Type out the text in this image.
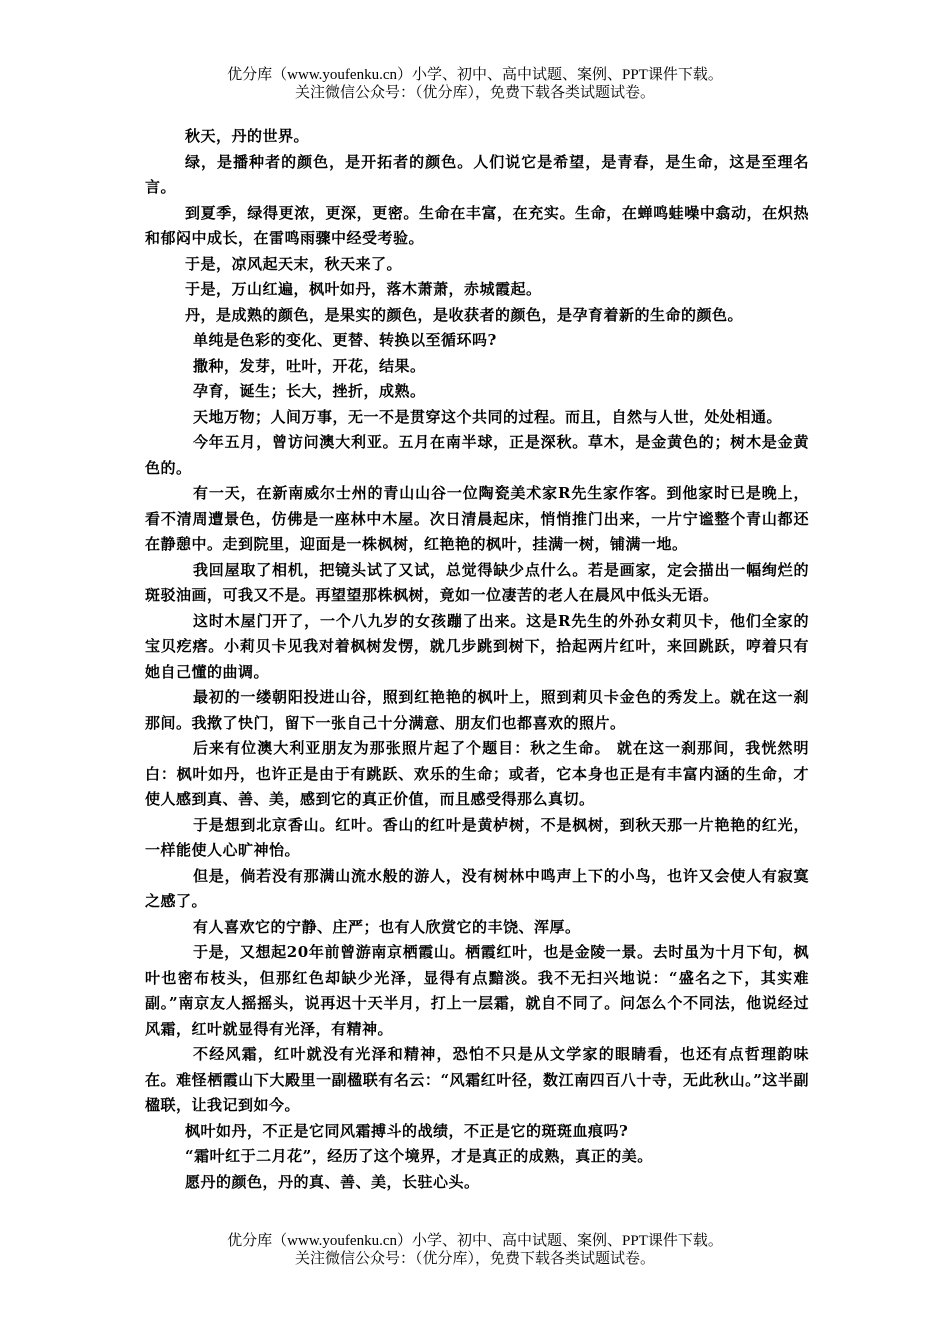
优分库（www.youfenku.cn）小学、初中、高中试题、案例、PPT课件下载。
关注微信公众号：（优分库），免费下载各类试题试卷。

秋天，丹的世界。

绿，是播种者的颜色，是开拓者的颜色。人们说它是希望，是青春，是生命，这是至理名言。

到夏季，绿得更浓，更深，更密。生命在丰富，在充实。生命，在蝉鸣蛙噪中翕动，在炽热和郁闷中成长，在雷鸣雨骤中经受考验。

于是，凉风起天末，秋天来了。

于是，万山红遍，枫叶如丹，落木萧萧，赤城霞起。

丹，是成熟的颜色，是果实的颜色，是收获者的颜色，是孕育着新的生命的颜色。

单纯是色彩的变化、更替、转换以至循环吗?

撒种，发芽，吐叶，开花，结果。

孕育，诞生；长大，挫折，成熟。

天地万物；人间万事，无一不是贯穿这个共同的过程。而且，自然与人世，处处相通。

今年五月，曾访问澳大利亚。五月在南半球，正是深秋。草木，是金黄色的；树木是金黄色的。

有一天，在新南威尔士州的青山山谷一位陶瓷美术家R先生家作客。到他家时已是晚上，看不清周遭景色，仿佛是一座林中木屋。次日清晨起床，悄悄推门出来，一片宁谧整个青山都还在静憩中。走到院里，迎面是一株枫树，红艳艳的枫叶，挂满一树，铺满一地。

我回屋取了相机，把镜头试了又试，总觉得缺少点什么。若是画家，定会描出一幅绚烂的斑驳油画，可我又不是。再望望那株枫树，竟如一位凄苦的老人在晨风中低头无语。

这时木屋门开了，一个八九岁的女孩蹦了出来。这是R先生的外孙女莉贝卡，他们全家的宝贝疙瘩。小莉贝卡见我对着枫树发愣，就几步跳到树下，拾起两片红叶，来回跳跃，哼着只有她自己懂的曲调。

最初的一缕朝阳投进山谷，照到红艳艳的枫叶上，照到莉贝卡金色的秀发上。就在这一刹那间。我揿了快门，留下一张自己十分满意、朋友们也都喜欢的照片。

后来有位澳大利亚朋友为那张照片起了个题目：秋之生命。 就在这一刹那间，我恍然明白：枫叶如丹，也许正是由于有跳跃、欢乐的生命；或者，它本身也正是有丰富内涵的生命，才使人感到真、善、美，感到它的真正价值，而且感受得那么真切。

于是想到北京香山。红叶。香山的红叶是黄栌树，不是枫树，到秋天那一片艳艳的红光，一样能使人心旷神怡。

但是，倘若没有那满山流水般的游人，没有树林中鸣声上下的小鸟，也许又会使人有寂寞之感了。

有人喜欢它的宁静、庄严；也有人欣赏它的丰饶、浑厚。

于是，又想起20年前曾游南京栖霞山。栖霞红叶，也是金陵一景。去时虽为十月下旬，枫叶也密布枝头，但那红色却缺少光泽，显得有点黯淡。我不无扫兴地说：“盛名之下，其实难副。”南京友人摇摇头，说再迟十天半月，打上一层霜，就自不同了。问怎么个不同法，他说经过风霜，红叶就显得有光泽，有精神。

不经风霜，红叶就没有光泽和精神，恐怕不只是从文学家的眼睛看，也还有点哲理韵味在。难怪栖霞山下大殿里一副楹联有名云：“风霜红叶径，数江南四百八十寺，无此秋山。”这半副楹联，让我记到如今。

枫叶如丹，不正是它同风霜搏斗的战绩，不正是它的斑斑血痕吗?

“霜叶红于二月花”，经历了这个境界，才是真正的成熟，真正的美。

愿丹的颜色，丹的真、善、美，长驻心头。

优分库（www.youfenku.cn）小学、初中、高中试题、案例、PPT课件下载。
关注微信公众号：（优分库），免费下载各类试题试卷。
